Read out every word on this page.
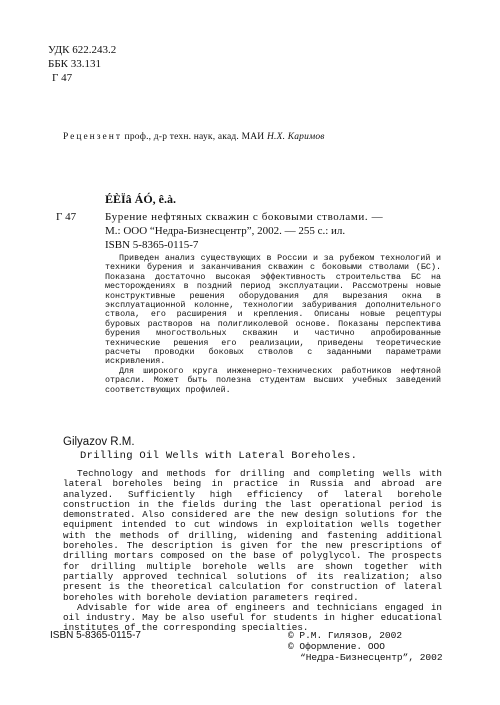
УДК 622.243.2
ББК 33.131
Г 47
Рецензент проф., д-р техн. наук, акад. МАИ Н.Х. Каримов
ÉÈÏâ ÁÓ, ê.à.
Г 47	Бурение нефтяных скважин с боковыми стволами. —
М.: ООО “Недра-Бизнесцентр”, 2002. — 255 с.: ил.
ISBN 5-8365-0115-7

Приведен анализ существующих в России и за рубежом технологий и техники бурения и заканчивания скважин с боковыми стволами (БС). Показана достаточно высокая эффективность строительства БС на месторождениях в поздний период эксплуатации. Рассмотрены новые конструктивные решения оборудования для вырезания окна в эксплуатационной колонне, технологии забуривания дополнительного ствола, его расширения и крепления. Описаны новые рецептуры буровых растворов на полигликолевой основе. Показаны перспектива бурения многоствольных скважин и частично апробированные технические решения его реализации, приведены теоретические расчеты проводки боковых стволов с заданными параметрами искривления.

Для широкого круга инженерно-технических работников нефтяной отрасли. Может быть полезна студентам высших учебных заведений соответствующих профилей.

Gilyazov R.M.
Drilling Oil Wells with Lateral Boreholes.

Technology and methods for drilling and completing wells with lateral boreholes being in practice in Russia and abroad are analyzed. Sufficiently high efficiency of lateral borehole construction in the fields during the last operational period is demonstrated. Also considered are the new design solutions for the equipment intended to cut windows in exploitation wells together with the methods of drilling, widening and fastening additional boreholes. The description is given for the new prescriptions of drilling mortars composed on the base of polyglycol. The prospects for drilling multiple borehole wells are shown together with partially approved technical solutions of its realization; also present is the theoretical calculation for construction of lateral boreholes with borehole deviation parameters reqired.

Advisable for wide area of engineers and technicians engaged in oil industry. May be also useful for students in higher educational institutes of the corresponding specialties.

ISBN 5-8365-0115-7	© Р.М. Гилязов, 2002
© Оформление. ООО
“Недра-Бизнесцентр”, 2002
